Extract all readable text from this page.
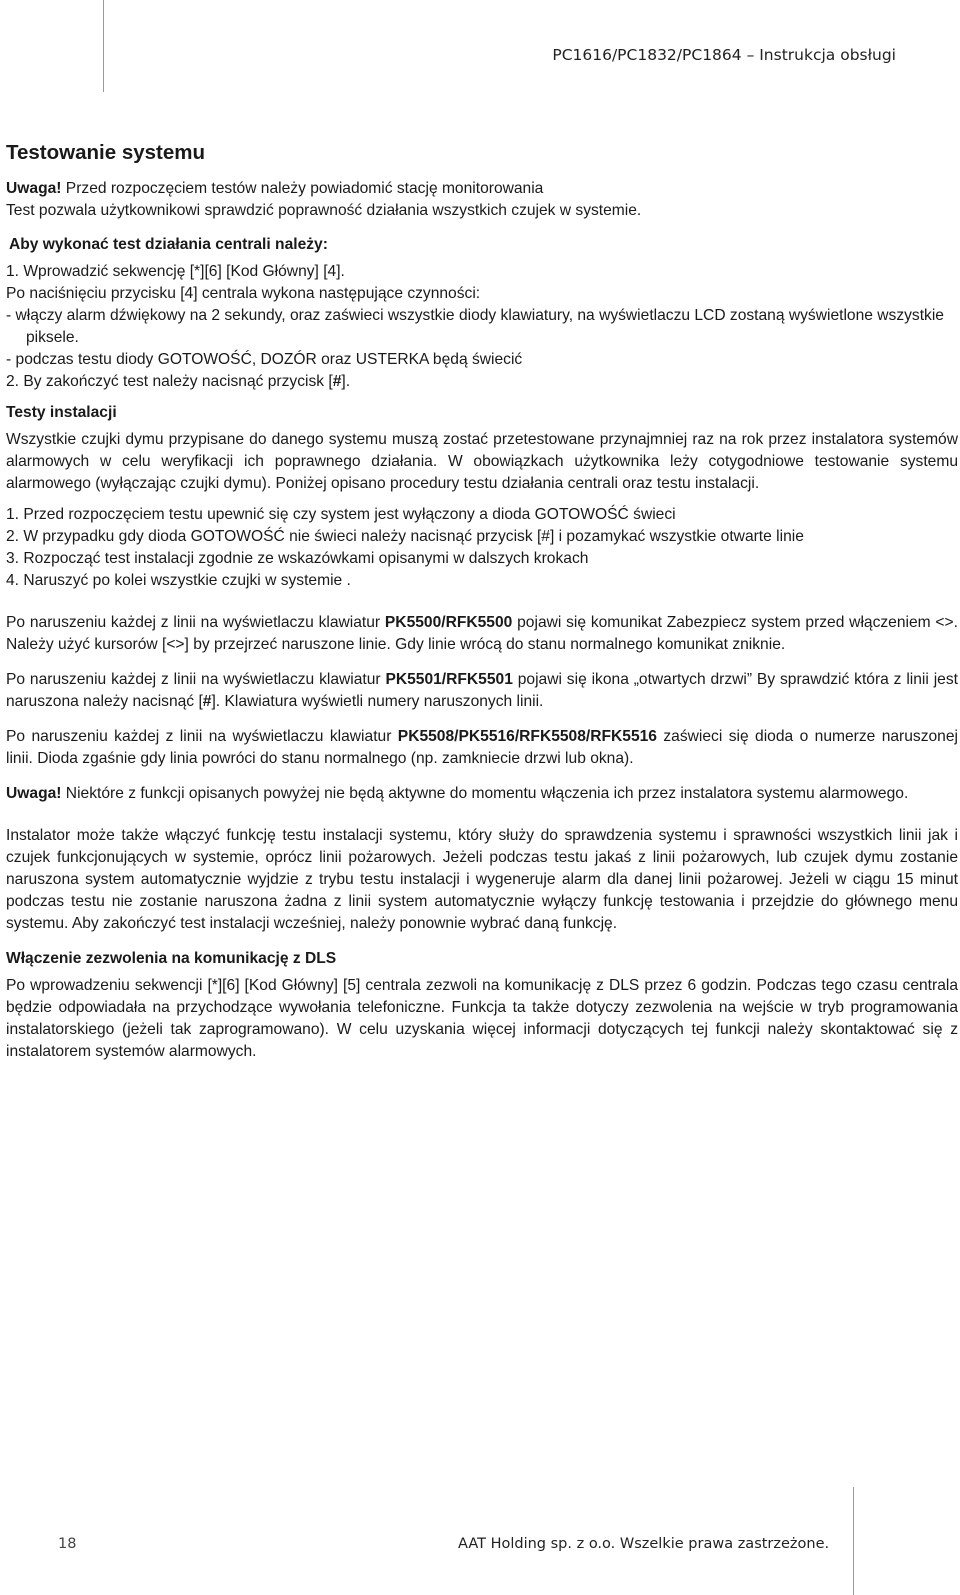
PC1616/PC1832/PC1864 – Instrukcja obsługi
Testowanie systemu

Uwaga! Przed rozpoczęciem testów należy powiadomić stację monitorowania

Test pozwala użytkownikowi sprawdzić poprawność działania wszystkich czujek w systemie.

Aby wykonać test działania centrali należy:

1. Wprowadzić sekwencję [*][6] [Kod Główny] [4].

Po naciśnięciu przycisku [4] centrala wykona następujące czynności:

- włączy alarm dźwiękowy na 2 sekundy, oraz zaświeci wszystkie diody klawiatury, na wyświetlaczu LCD zostaną wyświetlone wszystkie piksele.

- podczas testu diody GOTOWOŚĆ, DOZÓR oraz USTERKA będą świecić

2. By zakończyć test należy nacisnąć przycisk [#].

Testy instalacji

Wszystkie czujki dymu przypisane do danego systemu muszą zostać przetestowane przynajmniej raz na rok przez instalatora systemów alarmowych w celu weryfikacji ich poprawnego działania. W obowiązkach użytkownika leży cotygodniowe testowanie systemu alarmowego (wyłączając czujki dymu). Poniżej opisano procedury testu działania centrali oraz testu instalacji.

1. Przed rozpoczęciem testu upewnić się czy system jest wyłączony a dioda GOTOWOŚĆ świeci

2. W przypadku gdy dioda GOTOWOŚĆ nie świeci należy nacisnąć przycisk [#] i pozamykać wszystkie otwarte linie

3. Rozpocząć test instalacji zgodnie ze wskazówkami opisanymi w dalszych krokach

4. Naruszyć po kolei wszystkie czujki w systemie .

Po naruszeniu każdej z linii na wyświetlaczu klawiatur PK5500/RFK5500 pojawi się komunikat Zabezpiecz system przed włączeniem <>. Należy użyć kursorów [<>] by przejrzeć naruszone linie. Gdy linie wrócą do stanu normalnego komunikat zniknie.

Po naruszeniu każdej z linii na wyświetlaczu klawiatur PK5501/RFK5501 pojawi się ikona „otwartych drzwi” By sprawdzić która z linii jest naruszona należy nacisnąć [#]. Klawiatura wyświetli numery naruszonych linii.

Po naruszeniu każdej z linii na wyświetlaczu klawiatur PK5508/PK5516/RFK5508/RFK5516 zaświeci się dioda o numerze naruszonej linii. Dioda zgaśnie gdy linia powróci do stanu normalnego (np. zamkniecie drzwi lub okna).

Uwaga! Niektóre z funkcji opisanych powyżej nie będą aktywne do momentu włączenia ich przez instalatora systemu alarmowego.

Instalator może także włączyć funkcję testu instalacji systemu, który służy do sprawdzenia systemu i sprawności wszystkich linii jak i czujek funkcjonujących w systemie, oprócz linii pożarowych. Jeżeli podczas testu jakaś z linii pożarowych, lub czujek dymu zostanie naruszona system automatycznie wyjdzie z trybu testu instalacji i wygeneruje alarm dla danej linii pożarowej. Jeżeli w ciągu 15 minut podczas testu nie zostanie naruszona żadna z linii system automatycznie wyłączy funkcję testowania i przejdzie do głównego menu systemu. Aby zakończyć test instalacji wcześniej, należy ponownie wybrać daną funkcję.

Włączenie zezwolenia na komunikację z DLS

Po wprowadzeniu sekwencji [*][6] [Kod Główny] [5] centrala zezwoli na komunikację z DLS przez 6 godzin. Podczas tego czasu centrala będzie odpowiadała na przychodzące wywołania telefoniczne. Funkcja ta także dotyczy zezwolenia na wejście w tryb programowania instalatorskiego (jeżeli tak zaprogramowano). W celu uzyskania więcej informacji dotyczących tej funkcji należy skontaktować się z instalatorem systemów alarmowych.

18	AAT Holding sp. z o.o. Wszelkie prawa zastrzeżone.
